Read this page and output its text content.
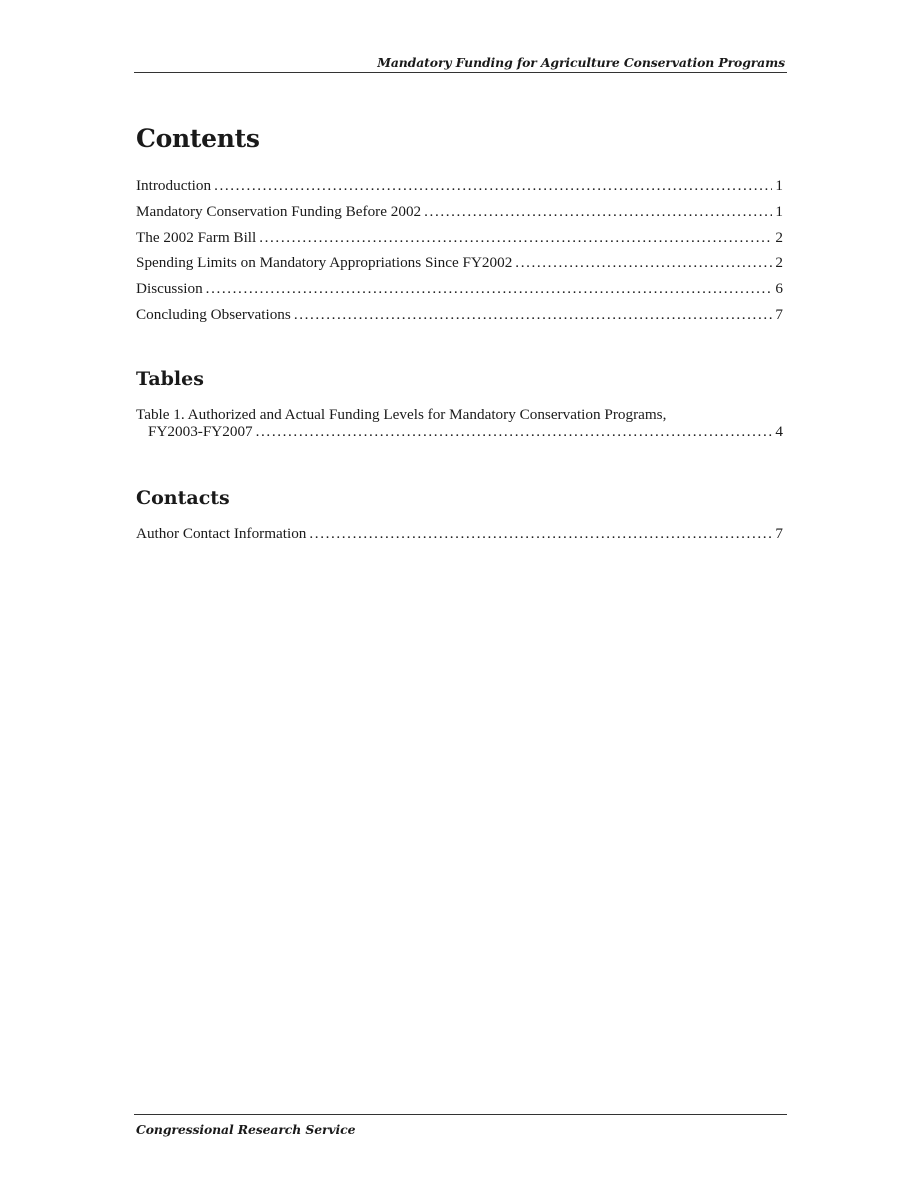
Mandatory Funding for Agriculture Conservation Programs
Contents
Introduction .....	1
Mandatory Conservation Funding Before 2002 .....	1
The 2002 Farm Bill .....	2
Spending Limits on Mandatory Appropriations Since FY2002 .....	2
Discussion .....	6
Concluding Observations .....	7
Tables
Table 1. Authorized and Actual Funding Levels for Mandatory Conservation Programs,
FY2003-FY2007 .....	4
Contacts
Author Contact Information .....	7
Congressional Research Service
